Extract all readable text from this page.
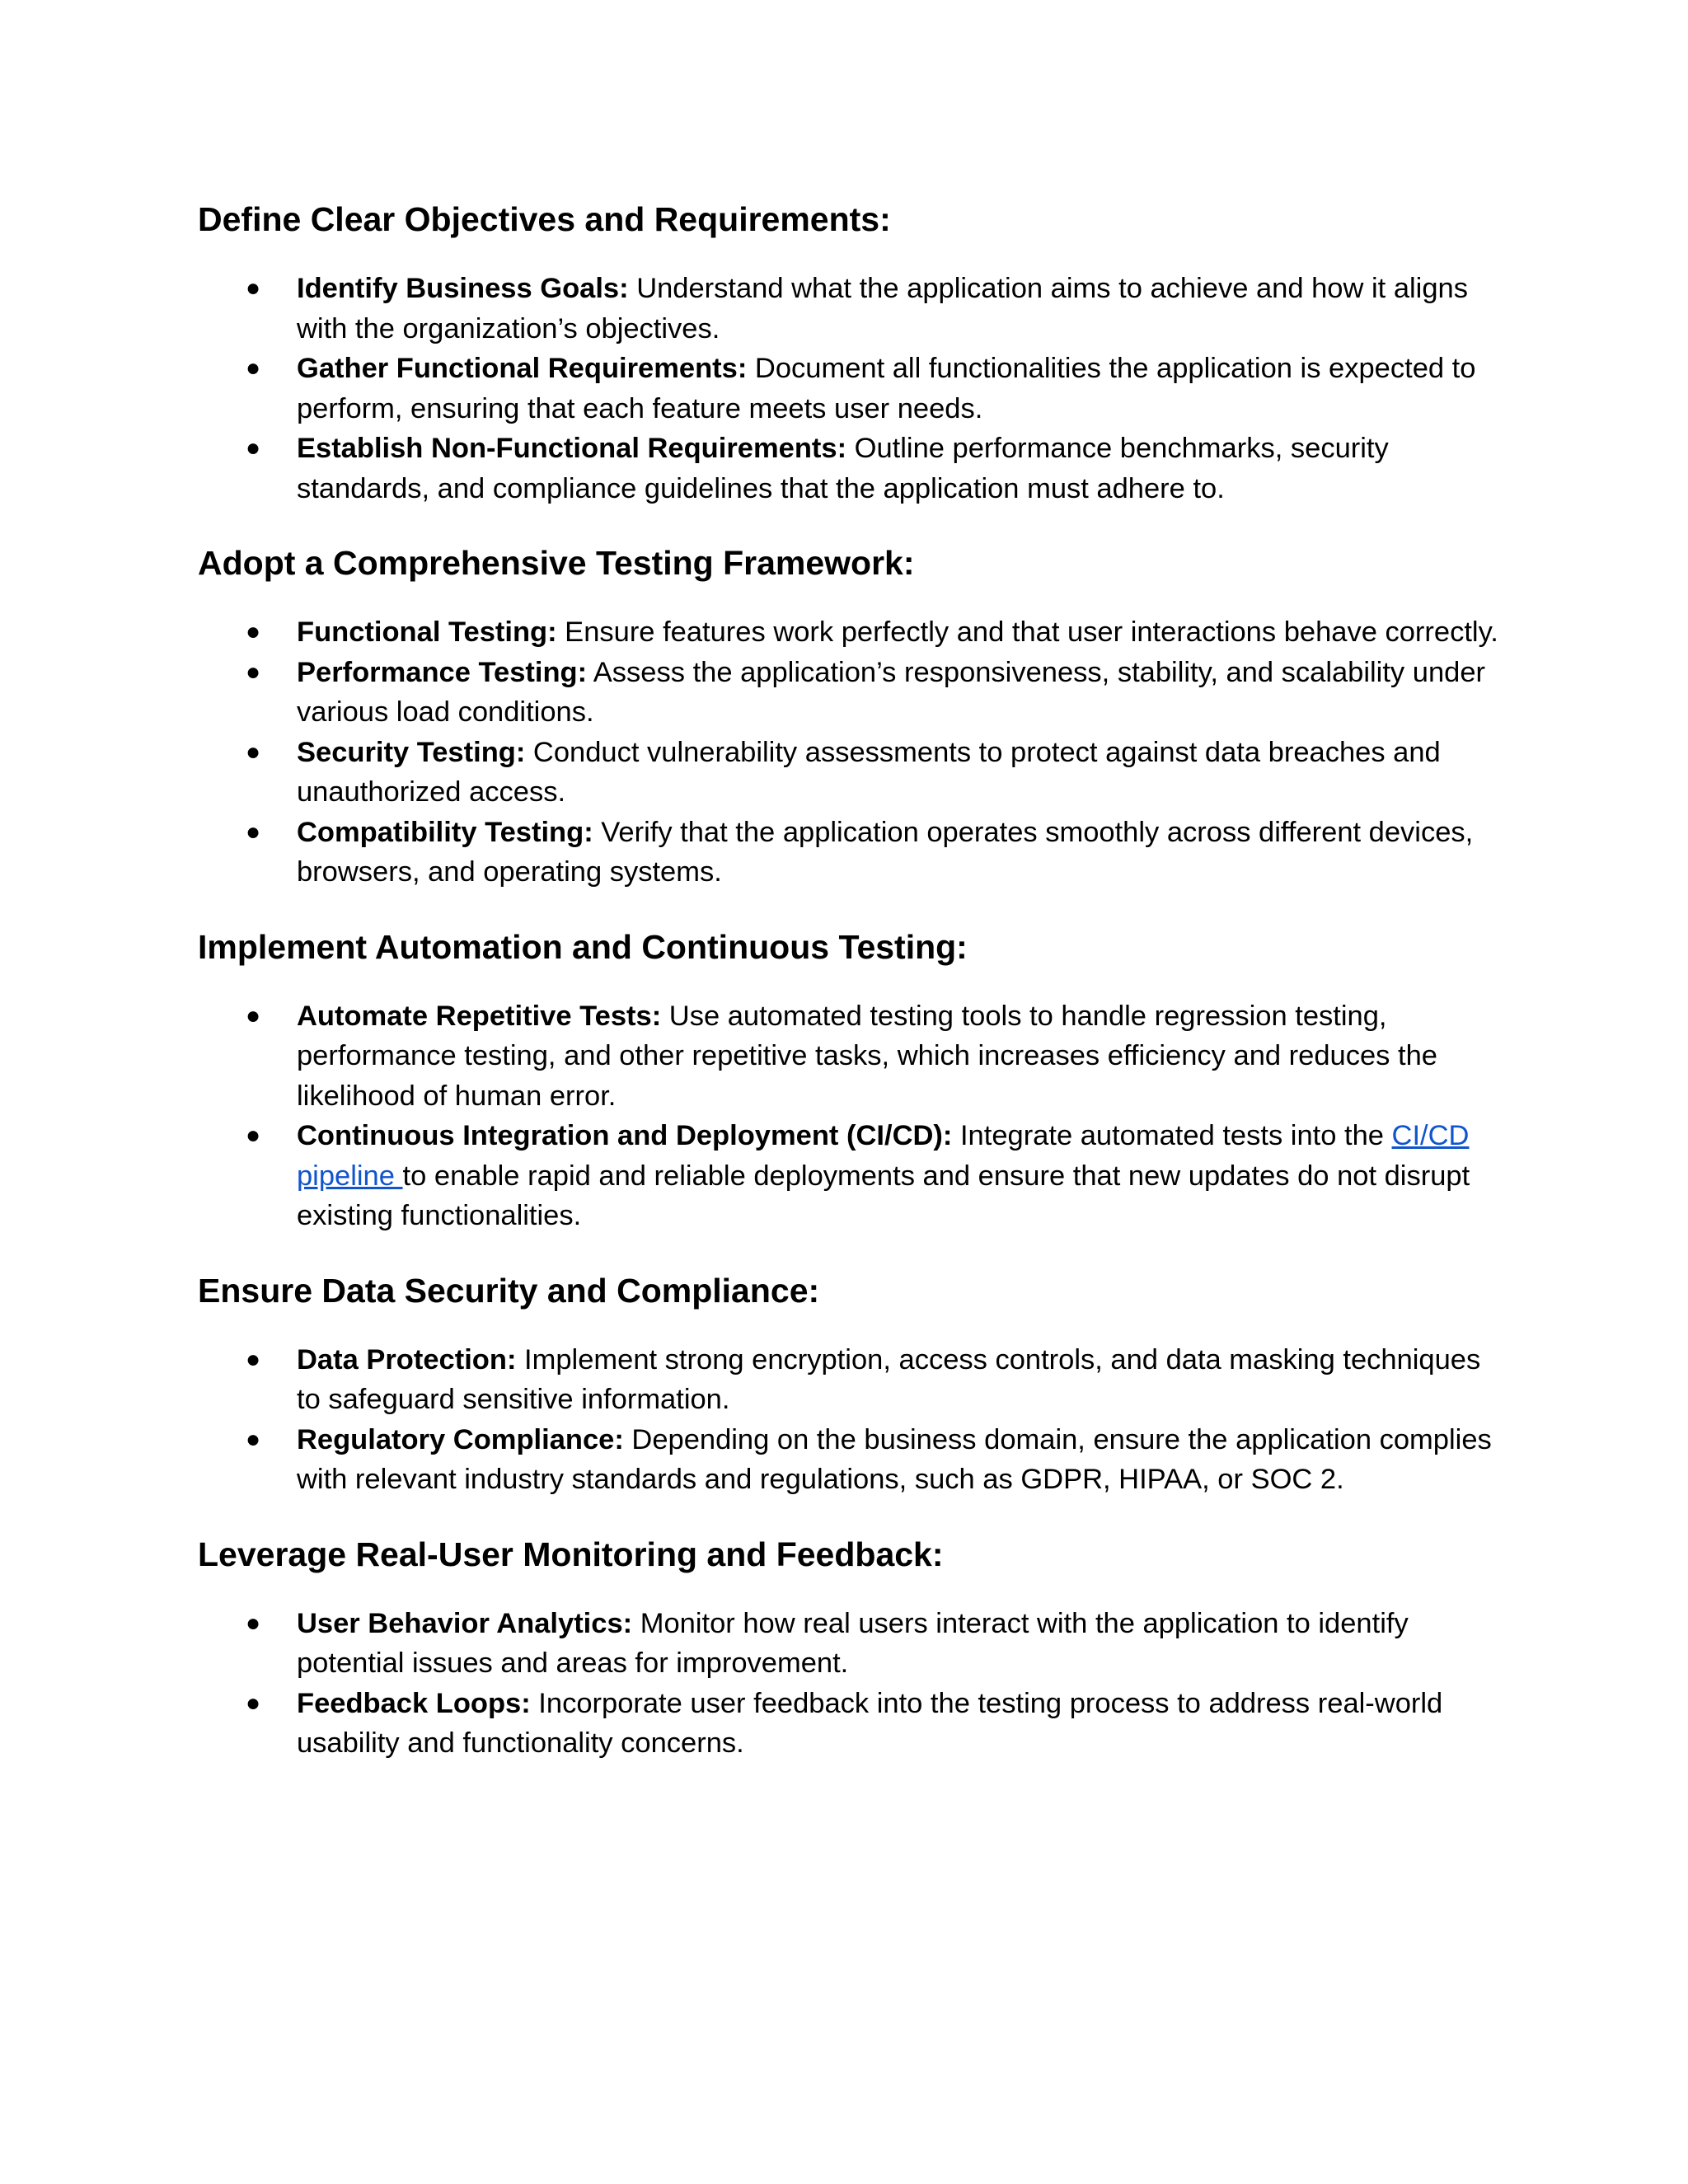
Define Clear Objectives and Requirements:
● Identify Business Goals: Understand what the application aims to achieve and how it aligns with the organization’s objectives.
● Gather Functional Requirements: Document all functionalities the application is expected to perform, ensuring that each feature meets user needs.
● Establish Non-Functional Requirements: Outline performance benchmarks, security standards, and compliance guidelines that the application must adhere to.
Adopt a Comprehensive Testing Framework:
● Functional Testing: Ensure features work perfectly and that user interactions behave correctly.
● Performance Testing: Assess the application’s responsiveness, stability, and scalability under various load conditions.
● Security Testing: Conduct vulnerability assessments to protect against data breaches and unauthorized access.
● Compatibility Testing: Verify that the application operates smoothly across different devices, browsers, and operating systems.
Implement Automation and Continuous Testing:
● Automate Repetitive Tests: Use automated testing tools to handle regression testing, performance testing, and other repetitive tasks, which increases efficiency and reduces the likelihood of human error.
● Continuous Integration and Deployment (CI/CD): Integrate automated tests into the CI/CD pipeline to enable rapid and reliable deployments and ensure that new updates do not disrupt existing functionalities.
Ensure Data Security and Compliance:
● Data Protection: Implement strong encryption, access controls, and data masking techniques to safeguard sensitive information.
● Regulatory Compliance: Depending on the business domain, ensure the application complies with relevant industry standards and regulations, such as GDPR, HIPAA, or SOC 2.
Leverage Real-User Monitoring and Feedback:
● User Behavior Analytics: Monitor how real users interact with the application to identify potential issues and areas for improvement.
● Feedback Loops: Incorporate user feedback into the testing process to address real-world usability and functionality concerns.
